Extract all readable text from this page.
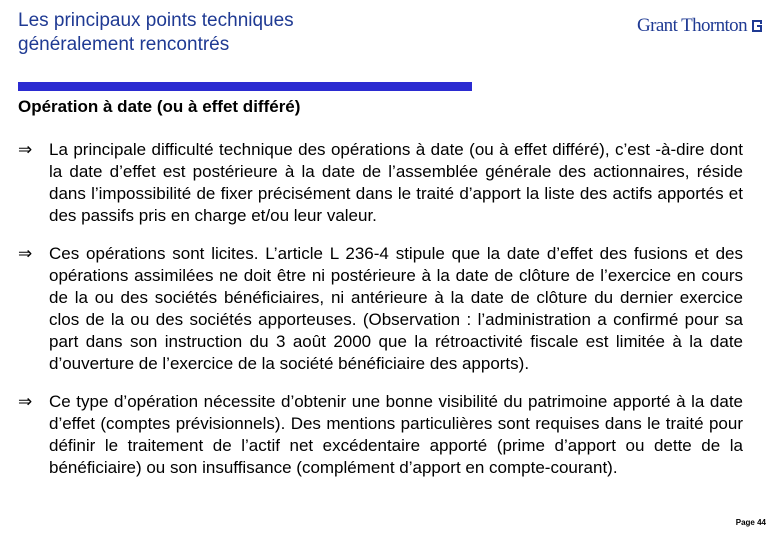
Les principaux points techniques
généralement rencontrés
Grant Thornton
Opération à date (ou à effet différé)
⇒ La principale difficulté technique des opérations à date (ou à effet différé), c’est -à-dire dont la date d’effet est postérieure à la date de l’assemblée générale des actionnaires, réside dans l’impossibilité de fixer précisément dans le traité d’apport la liste des actifs apportés et des passifs pris en charge et/ou leur valeur.
⇒ Ces opérations sont licites. L’article L 236-4 stipule que la date d’effet des fusions et des opérations assimilées ne doit être ni postérieure à la date de clôture de l’exercice en cours de la ou des sociétés bénéficiaires, ni antérieure à la date de clôture du dernier exercice clos de la ou des sociétés apporteuses. (Observation : l’administration a confirmé pour sa part dans son instruction du 3 août 2000 que la rétroactivité fiscale est limitée à la date d’ouverture de l’exercice de la société bénéficiaire des apports).
⇒ Ce type d’opération nécessite d’obtenir une bonne visibilité du patrimoine apporté à la date d’effet (comptes prévisionnels). Des mentions particulières sont requises dans le traité pour définir le traitement de l’actif net excédentaire apporté (prime d’apport ou dette de la bénéficiaire) ou son insuffisance (complément d’apport en compte-courant).
Page 44
